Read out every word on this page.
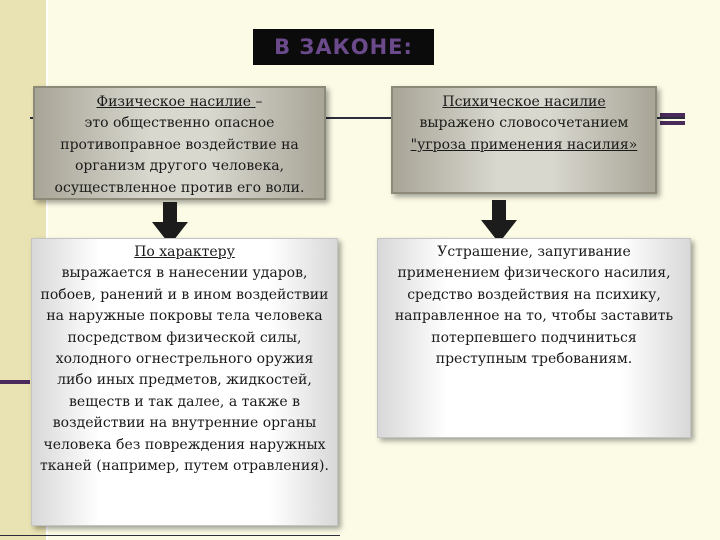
В ЗАКОНЕ:
Физическое насилие –
это общественно опасное противоправное воздействие на организм другого человека, осуществленное против его воли.
Психическое насилие
выражено словосочетанием
"угроза применения насилия»
По характеру
выражается в нанесении ударов, побоев, ранений и в ином воздействии на наружные покровы тела человека посредством физической силы, холодного огнестрельного оружия либо иных предметов, жидкостей, веществ и так далее, а также в воздействии на внутренние органы человека без повреждения наружных тканей (например, путем отравления).
Устрашение, запугивание применением физического насилия, средство воздействия на психику, направленное на то, чтобы заставить потерпевшего подчиниться преступным требованиям.
